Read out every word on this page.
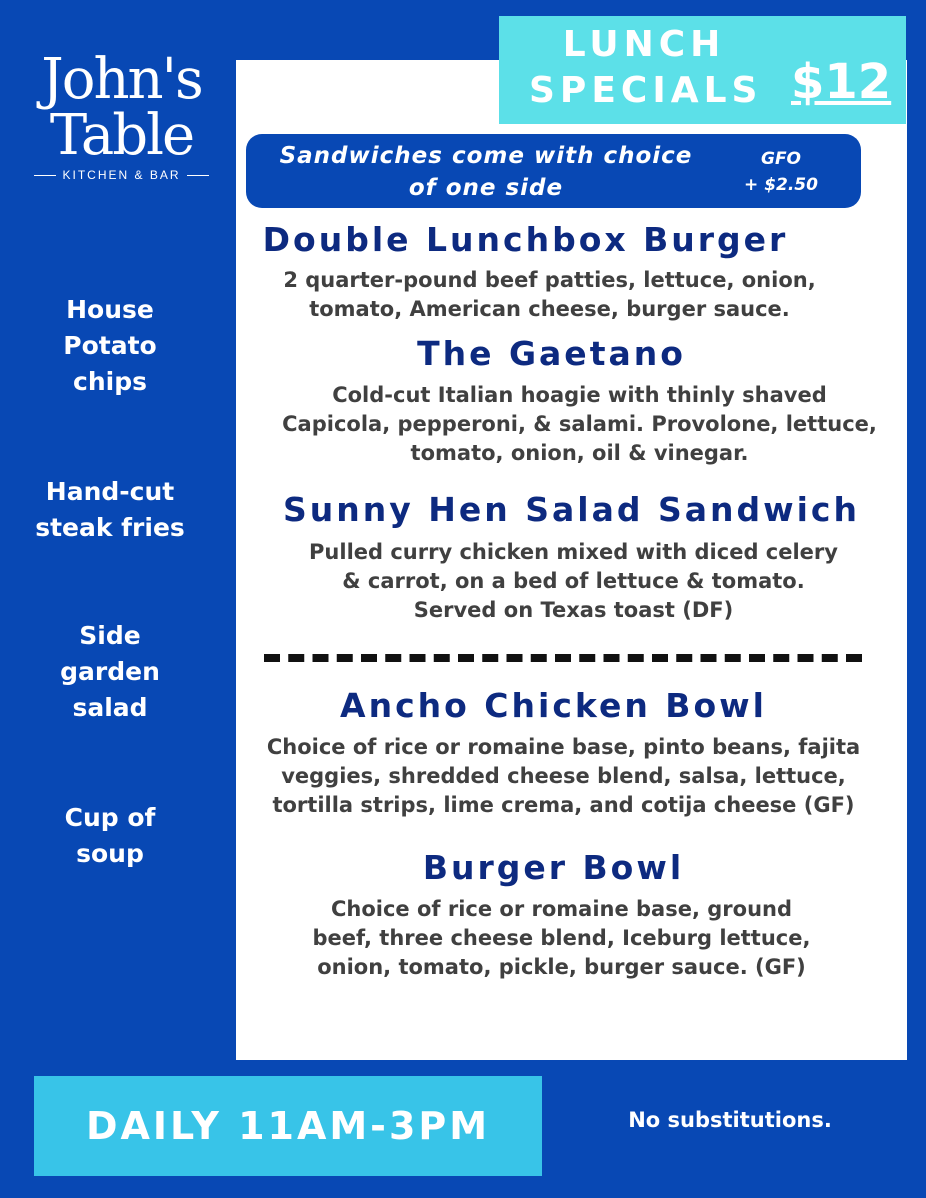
John's
Table
KITCHEN & BAR
House
Potato
chips
Hand-cut
steak fries
Side
garden
salad
Cup of
soup
LUNCH
SPECIALS $12
Sandwiches come with choice
of one side
GFO
+ $2.50
Double Lunchbox Burger
2 quarter-pound beef patties, lettuce, onion,
tomato, American cheese, burger sauce.
The Gaetano
Cold-cut Italian hoagie with thinly shaved
Capicola, pepperoni, & salami. Provolone, lettuce,
tomato, onion, oil & vinegar.
Sunny Hen Salad Sandwich
Pulled curry chicken mixed with diced celery
& carrot, on a bed of lettuce & tomato.
Served on Texas toast (DF)
Ancho Chicken Bowl
Choice of rice or romaine base, pinto beans, fajita
veggies, shredded cheese blend, salsa, lettuce,
tortilla strips, lime crema, and cotija cheese (GF)
Burger Bowl
Choice of rice or romaine base, ground
beef, three cheese blend, Iceburg lettuce,
onion, tomato, pickle, burger sauce. (GF)
DAILY 11AM-3PM	No substitutions.
